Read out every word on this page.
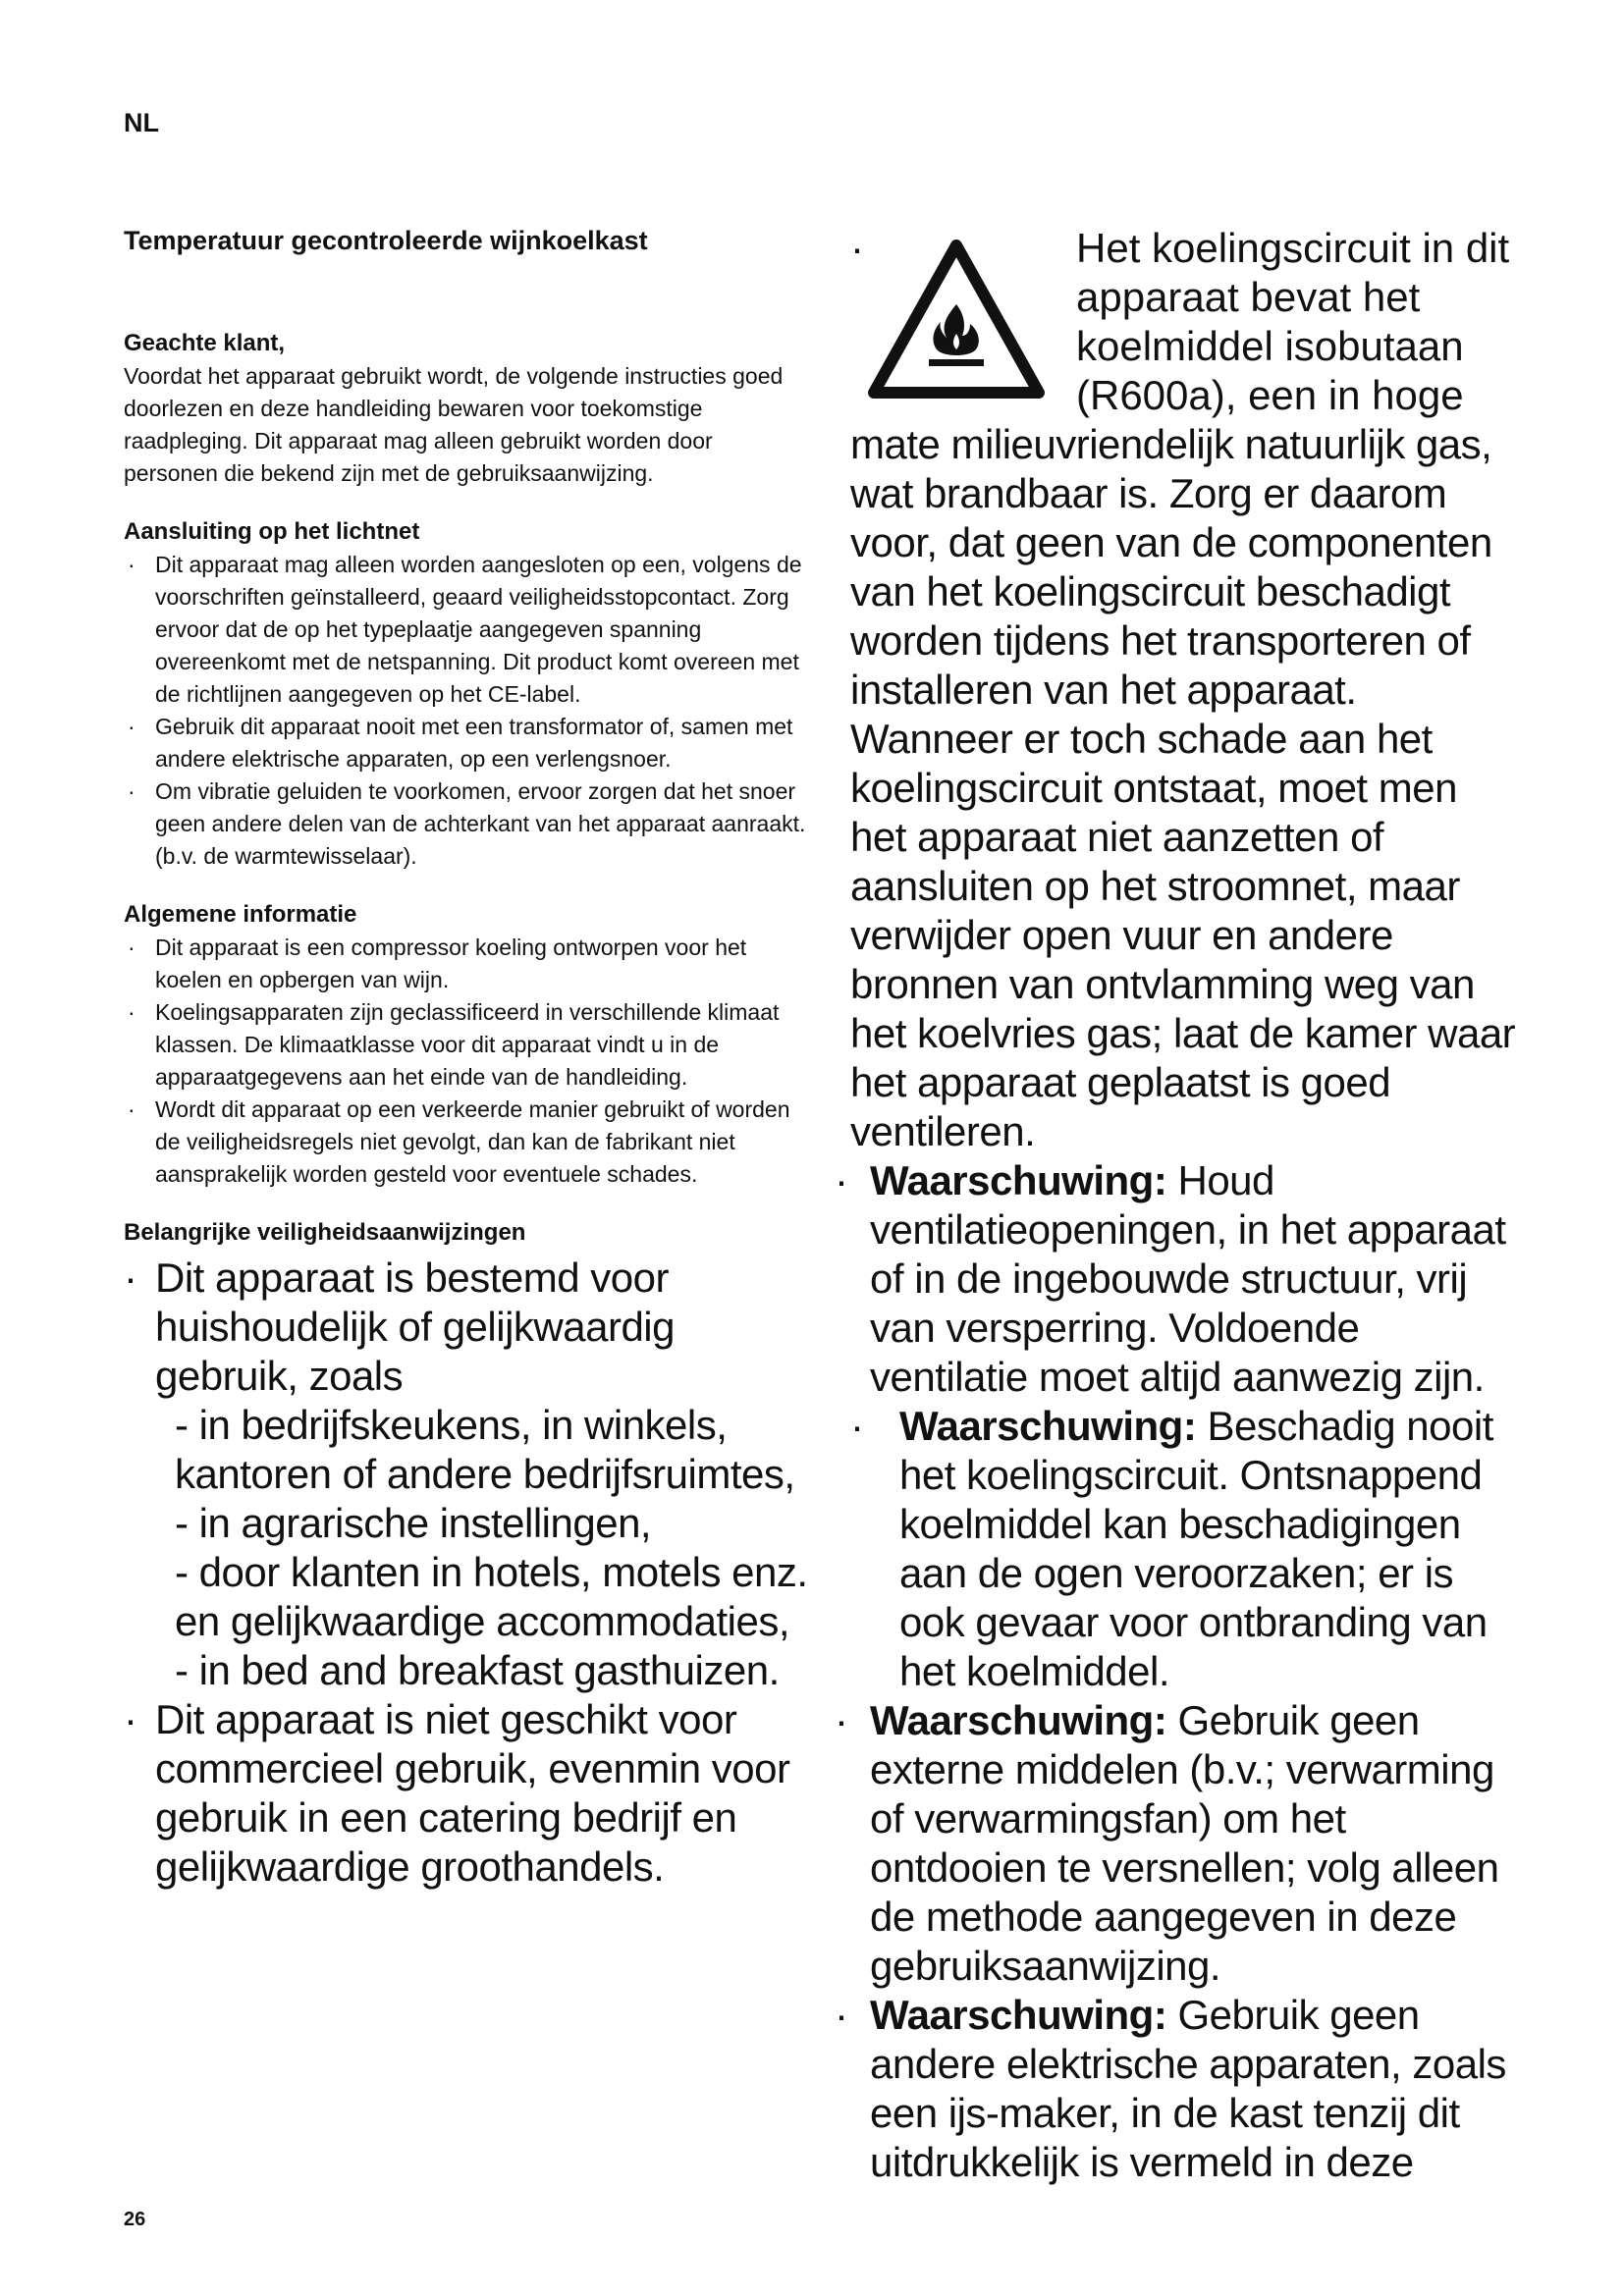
NL

Temperatuur gecontroleerde wijnkoelkast

Geachte klant,

Voordat het apparaat gebruikt wordt, de volgende instructies goed doorlezen en deze handleiding bewaren voor toekomstige raadpleging. Dit apparaat mag alleen gebruikt worden door personen die bekend zijn met de gebruiksaanwijzing.

Aansluiting op het lichtnet

· Dit apparaat mag alleen worden aangesloten op een, volgens de voorschriften geïnstalleerd, geaard veiligheidsstopcontact. Zorg ervoor dat de op het typeplaatje aangegeven spanning overeenkomt met de netspanning. Dit product komt overeen met de richtlijnen aangegeven op het CE-label.
· Gebruik dit apparaat nooit met een transformator of, samen met andere elektrische apparaten, op een verlengsnoer.
· Om vibratie geluiden te voorkomen, ervoor zorgen dat het snoer geen andere delen van de achterkant van het apparaat aanraakt. (b.v. de warmtewisselaar).

Algemene informatie

· Dit apparaat is een compressor koeling ontworpen voor het koelen en opbergen van wijn.
· Koelingsapparaten zijn geclassificeerd in verschillende klimaat klassen. De klimaatklasse voor dit apparaat vindt u in de apparaatgegevens aan het einde van de handleiding.
· Wordt dit apparaat op een verkeerde manier gebruikt of worden de veiligheidsregels niet gevolgt, dan kan de fabrikant niet aansprakelijk worden gesteld voor eventuele schades.

Belangrijke veiligheidsaanwijzingen

· Dit apparaat is bestemd voor huishoudelijk of gelijkwaardig gebruik, zoals
- in bedrijfskeukens, in winkels, kantoren of andere bedrijfsruimtes,
- in agrarische instellingen,
- door klanten in hotels, motels enz. en gelijkwaardige accommodaties,
- in bed and breakfast gasthuizen.
· Dit apparaat is niet geschikt voor commercieel gebruik, evenmin voor gebruik in een catering bedrijf en gelijkwaardige groothandels.
·	Het koelingscircuit in dit apparaat bevat het koelmiddel isobutaan (R600a), een in hoge

mate milieuvriendelijk natuurlijk gas, wat brandbaar is. Zorg er daarom voor, dat geen van de componenten van het koelingscircuit beschadigt worden tijdens het transporteren of installeren van het apparaat. Wanneer er toch schade aan het koelingscircuit ontstaat, moet men het apparaat niet aanzetten of aansluiten op het stroomnet, maar verwijder open vuur en andere bronnen van ontvlamming weg van het koelvries gas; laat de kamer waar het apparaat geplaatst is goed ventileren.

· Waarschuwing: Houd ventilatieopeningen, in het apparaat of in de ingebouwde structuur, vrij van versperring. Voldoende ventilatie moet altijd aanwezig zijn.
· Waarschuwing: Beschadig nooit het koelingscircuit. Ontsnappend koelmiddel kan beschadigingen aan de ogen veroorzaken; er is ook gevaar voor ontbranding van het koelmiddel.
· Waarschuwing: Gebruik geen externe middelen (b.v.; verwarming of verwarmingsfan) om het ontdooien te versnellen; volg alleen de methode aangegeven in deze gebruiksaanwijzing.
· Waarschuwing: Gebruik geen andere elektrische apparaten, zoals een ijs-maker, in de kast tenzij dit uitdrukkelijk is vermeld in deze
26
